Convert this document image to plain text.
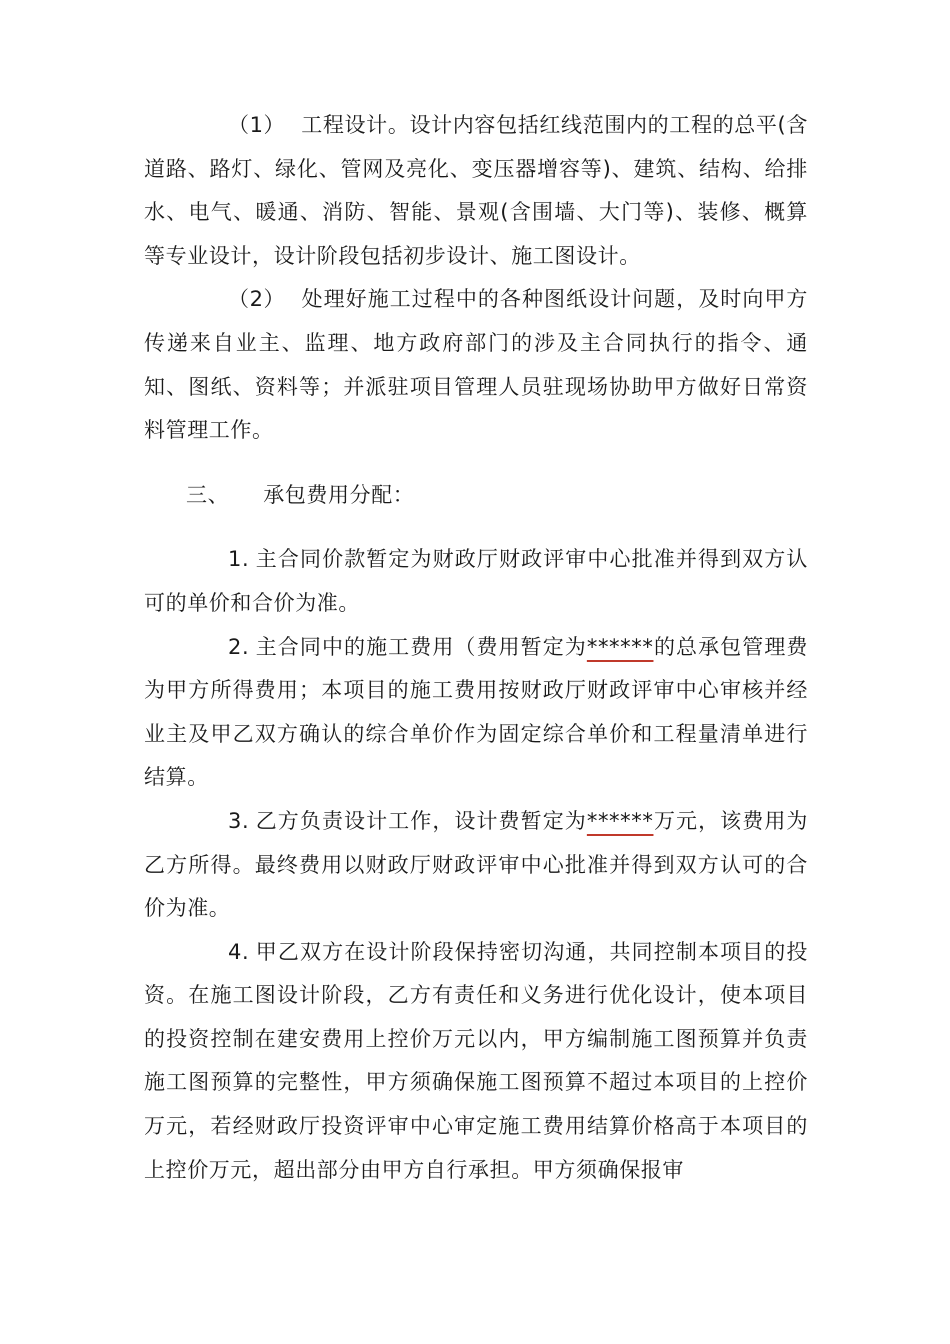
（1） 工程设计。设计内容包括红线范围内的工程的总平(含道路、路灯、绿化、管网及亮化、变压器增容等)、建筑、结构、给排水、电气、暖通、消防、智能、景观(含围墙、大门等)、装修、概算等专业设计，设计阶段包括初步设计、施工图设计。

（2） 处理好施工过程中的各种图纸设计问题，及时向甲方传递来自业主、监理、地方政府部门的涉及主合同执行的指令、通知、图纸、资料等；并派驻项目管理人员驻现场协助甲方做好日常资料管理工作。

三、 承包费用分配：

1. 主合同价款暂定为财政厅财政评审中心批准并得到双方认可的单价和合价为准。

2. 主合同中的施工费用（费用暂定为******的总承包管理费为甲方所得费用；本项目的施工费用按财政厅财政评审中心审核并经业主及甲乙双方确认的综合单价作为固定综合单价和工程量清单进行结算。

3. 乙方负责设计工作，设计费暂定为******万元，该费用为乙方所得。最终费用以财政厅财政评审中心批准并得到双方认可的合价为准。

4. 甲乙双方在设计阶段保持密切沟通，共同控制本项目的投资。在施工图设计阶段，乙方有责任和义务进行优化设计，使本项目的投资控制在建安费用上控价万元以内，甲方编制施工图预算并负责施工图预算的完整性，甲方须确保施工图预算不超过本项目的上控价万元，若经财政厅投资评审中心审定施工费用结算价格高于本项目的上控价万元，超出部分由甲方自行承担。甲方须确保报审
